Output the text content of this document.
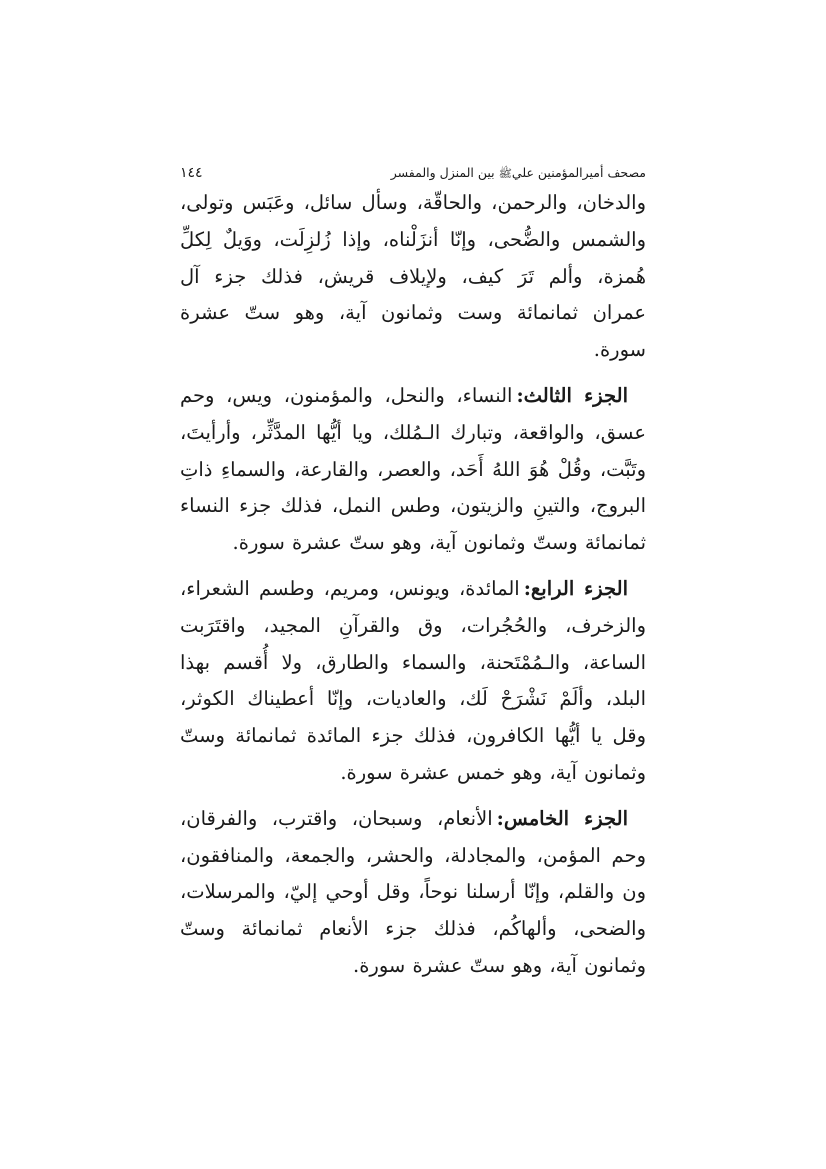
مصحف أميرالمؤمنين عليﷺ بين المنزل والمفسر
١٤٤

والدخان، والرحمن، والحاقّة، وسأل سائل، وعَبَس وتولى، والشمس والضُّحى، وإنّا أنزَلْناه، وإذا زُلزِلَت، ووَيلٌ لِكلِّ هُمزة، وألم تَرَ كيف، ولإيلاف قريش، فذلك جزء آل عمران ثمانمائة وست وثمانون آية، وهو ستّ عشرة سورة.

الجزء الثالث:النساء، والنحل، والمؤمنون، ويس، وحم عسق، والواقعة، وتبارك الـمُلك، ويا أيُّها المدَّثِّر، وأرأيتَ، وتَبَّت، وقُلْ هُوَ اللهُ أَحَد، والعصر، والقارعة، والسماءِ ذاتِ البروج، والتينِ والزيتون، وطس النمل، فذلك جزء النساء ثمانمائة وستّ وثمانون آية، وهو ستّ عشرة سورة.

الجزء الرابع:المائدة، ويونس، ومريم، وطسم الشعراء، والزخرف، والحُجُرات، وق والقرآنِ المجيد، واقتَرَبت الساعة، والـمُمْتَحنة، والسماء والطارق، ولا أُقسم بهذا البلد، وألَمْ نَشْرَحْ لَك، والعاديات، وإنّا أعطيناك الكوثر، وقل يا أيُّها الكافرون، فذلك جزء المائدة ثمانمائة وستّ وثمانون آية، وهو خمس عشرة سورة.

الجزء الخامس:الأنعام، وسبحان، واقترب، والفرقان، وحم المؤمن، والمجادلة، والحشر، والجمعة، والمنافقون، ون والقلم، وإنّا أرسلنا نوحاً، وقل أوحي إليّ، والمرسلات، والضحى، وألهاكُم، فذلك جزء الأنعام ثمانمائة وستّ وثمانون آية، وهو ستّ عشرة سورة.
